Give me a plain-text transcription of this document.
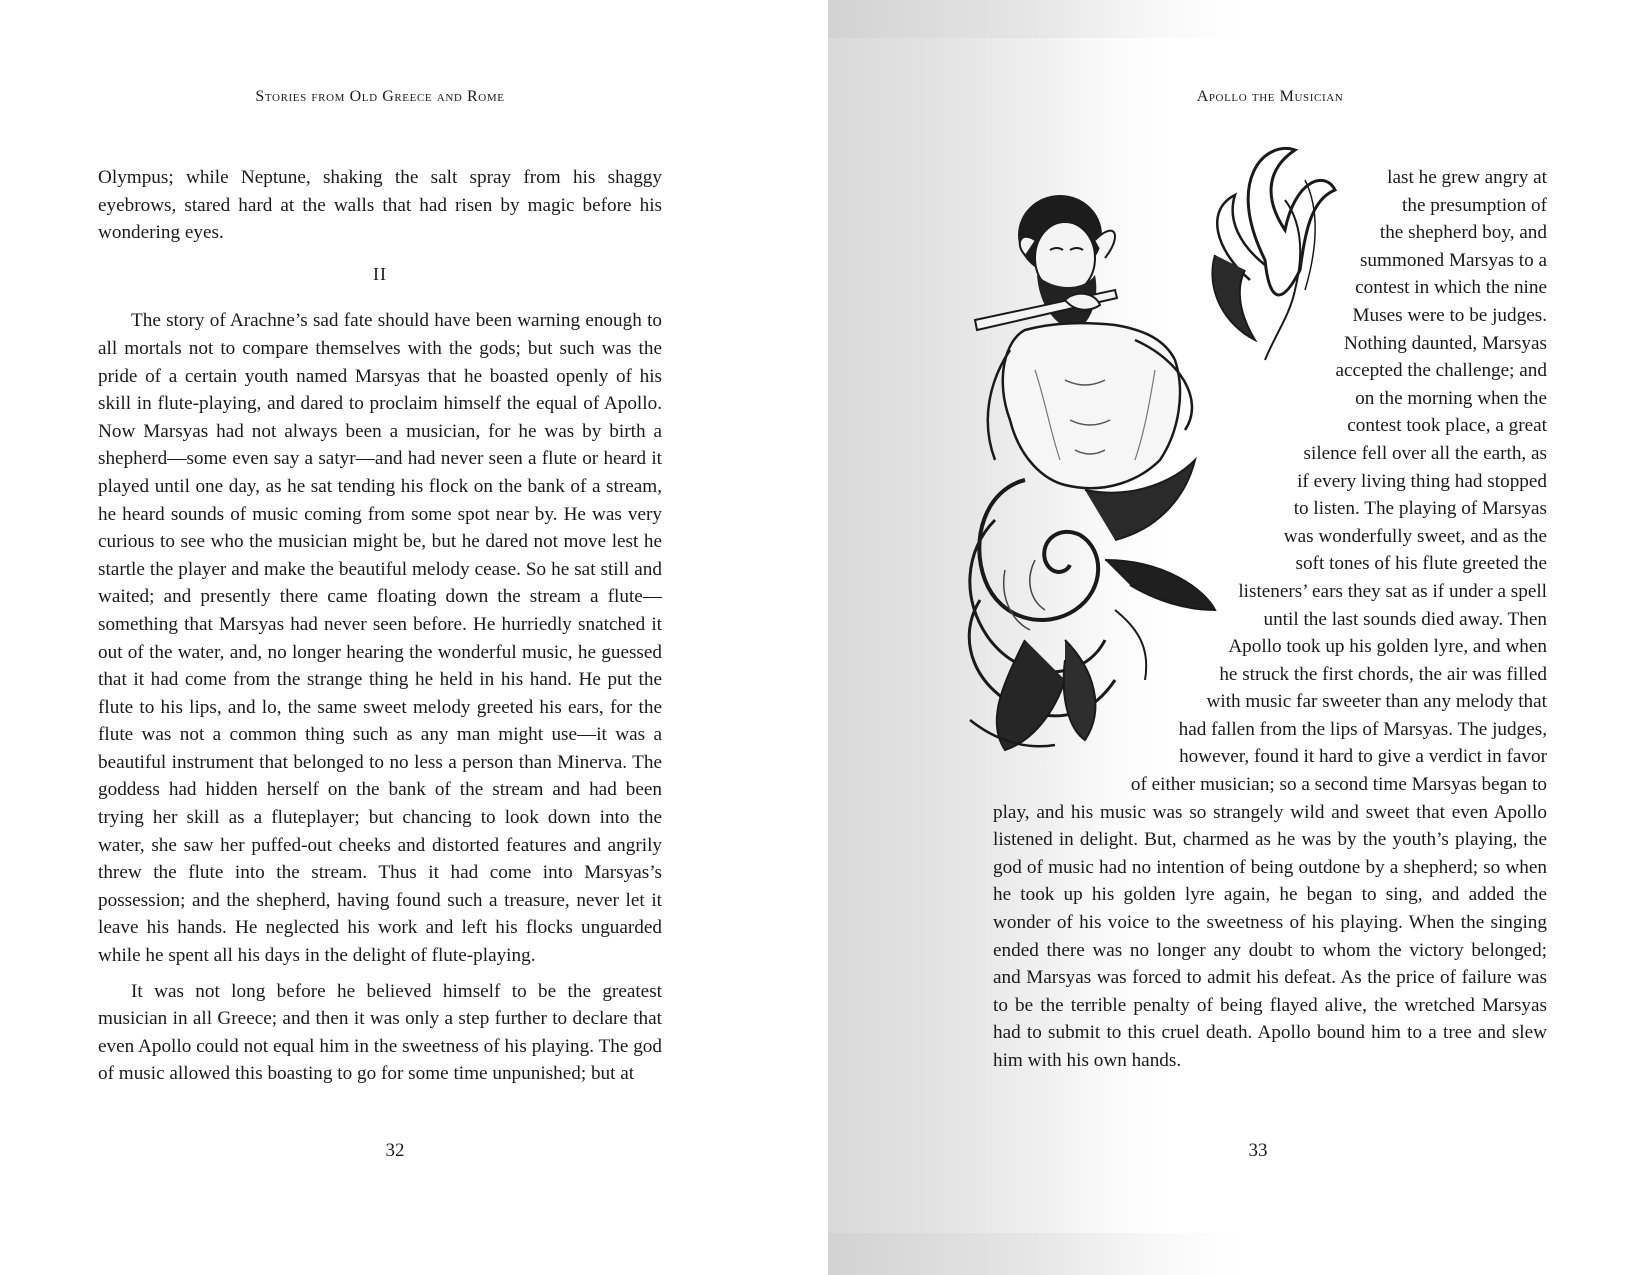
Stories from Old Greece and Rome

Olympus; while Neptune, shaking the salt spray from his shaggy eyebrows, stared hard at the walls that had risen by magic before his wondering eyes.

II

The story of Arachne’s sad fate should have been warning enough to all mortals not to compare themselves with the gods; but such was the pride of a certain youth named Marsyas that he boasted openly of his skill in flute-playing, and dared to proclaim himself the equal of Apollo. Now Marsyas had not always been a musician, for he was by birth a shepherd—some even say a satyr—and had never seen a flute or heard it played until one day, as he sat tending his flock on the bank of a stream, he heard sounds of music coming from some spot near by. He was very curious to see who the musician might be, but he dared not move lest he startle the player and make the beautiful melody cease. So he sat still and waited; and presently there came floating down the stream a flute—something that Marsyas had never seen before. He hurriedly snatched it out of the water, and, no longer hearing the wonderful music, he guessed that it had come from the strange thing he held in his hand. He put the flute to his lips, and lo, the same sweet melody greeted his ears, for the flute was not a common thing such as any man might use—it was a beautiful instrument that belonged to no less a person than Minerva. The goddess had hidden herself on the bank of the stream and had been trying her skill as a fluteplayer; but chancing to look down into the water, she saw her puffed-out cheeks and distorted features and angrily threw the flute into the stream. Thus it had come into Marsyas’s possession; and the shepherd, having found such a treasure, never let it leave his hands. He neglected his work and left his flocks unguarded while he spent all his days in the delight of flute-playing.

It was not long before he believed himself to be the greatest musician in all Greece; and then it was only a step further to declare that even Apollo could not equal him in the sweetness of his playing. The god of music allowed this boasting to go for some time unpunished; but at

32
Apollo the Musician
last he grew angry at
the presumption of
the shepherd boy, and
summoned Marsyas to a
contest in which the nine
Muses were to be judges.
Nothing daunted, Marsyas
accepted the challenge; and
on the morning when the
contest took place, a great
silence fell over all the earth, as
if every living thing had stopped
to listen. The playing of Marsyas
was wonderfully sweet, and as the
soft tones of his flute greeted the
listeners’ ears they sat as if under a spell
until the last sounds died away. Then
Apollo took up his golden lyre, and when
he struck the first chords, the air was filled
with music far sweeter than any melody that
had fallen from the lips of Marsyas. The judges,
however, found it hard to give a verdict in favor
of either musician; so a second time Marsyas began to
play, and his music was so strangely wild and sweet that even Apollo listened in delight. But, charmed as he was by the youth’s playing, the god of music had no intention of being outdone by a shepherd; so when he took up his golden lyre again, he began to sing, and added the wonder of his voice to the sweetness of his playing. When the singing ended there was no longer any doubt to whom the victory belonged; and Marsyas was forced to admit his defeat. As the price of failure was to be the terrible penalty of being flayed alive, the wretched Marsyas had to submit to this cruel death. Apollo bound him to a tree and slew him with his own hands.
33
